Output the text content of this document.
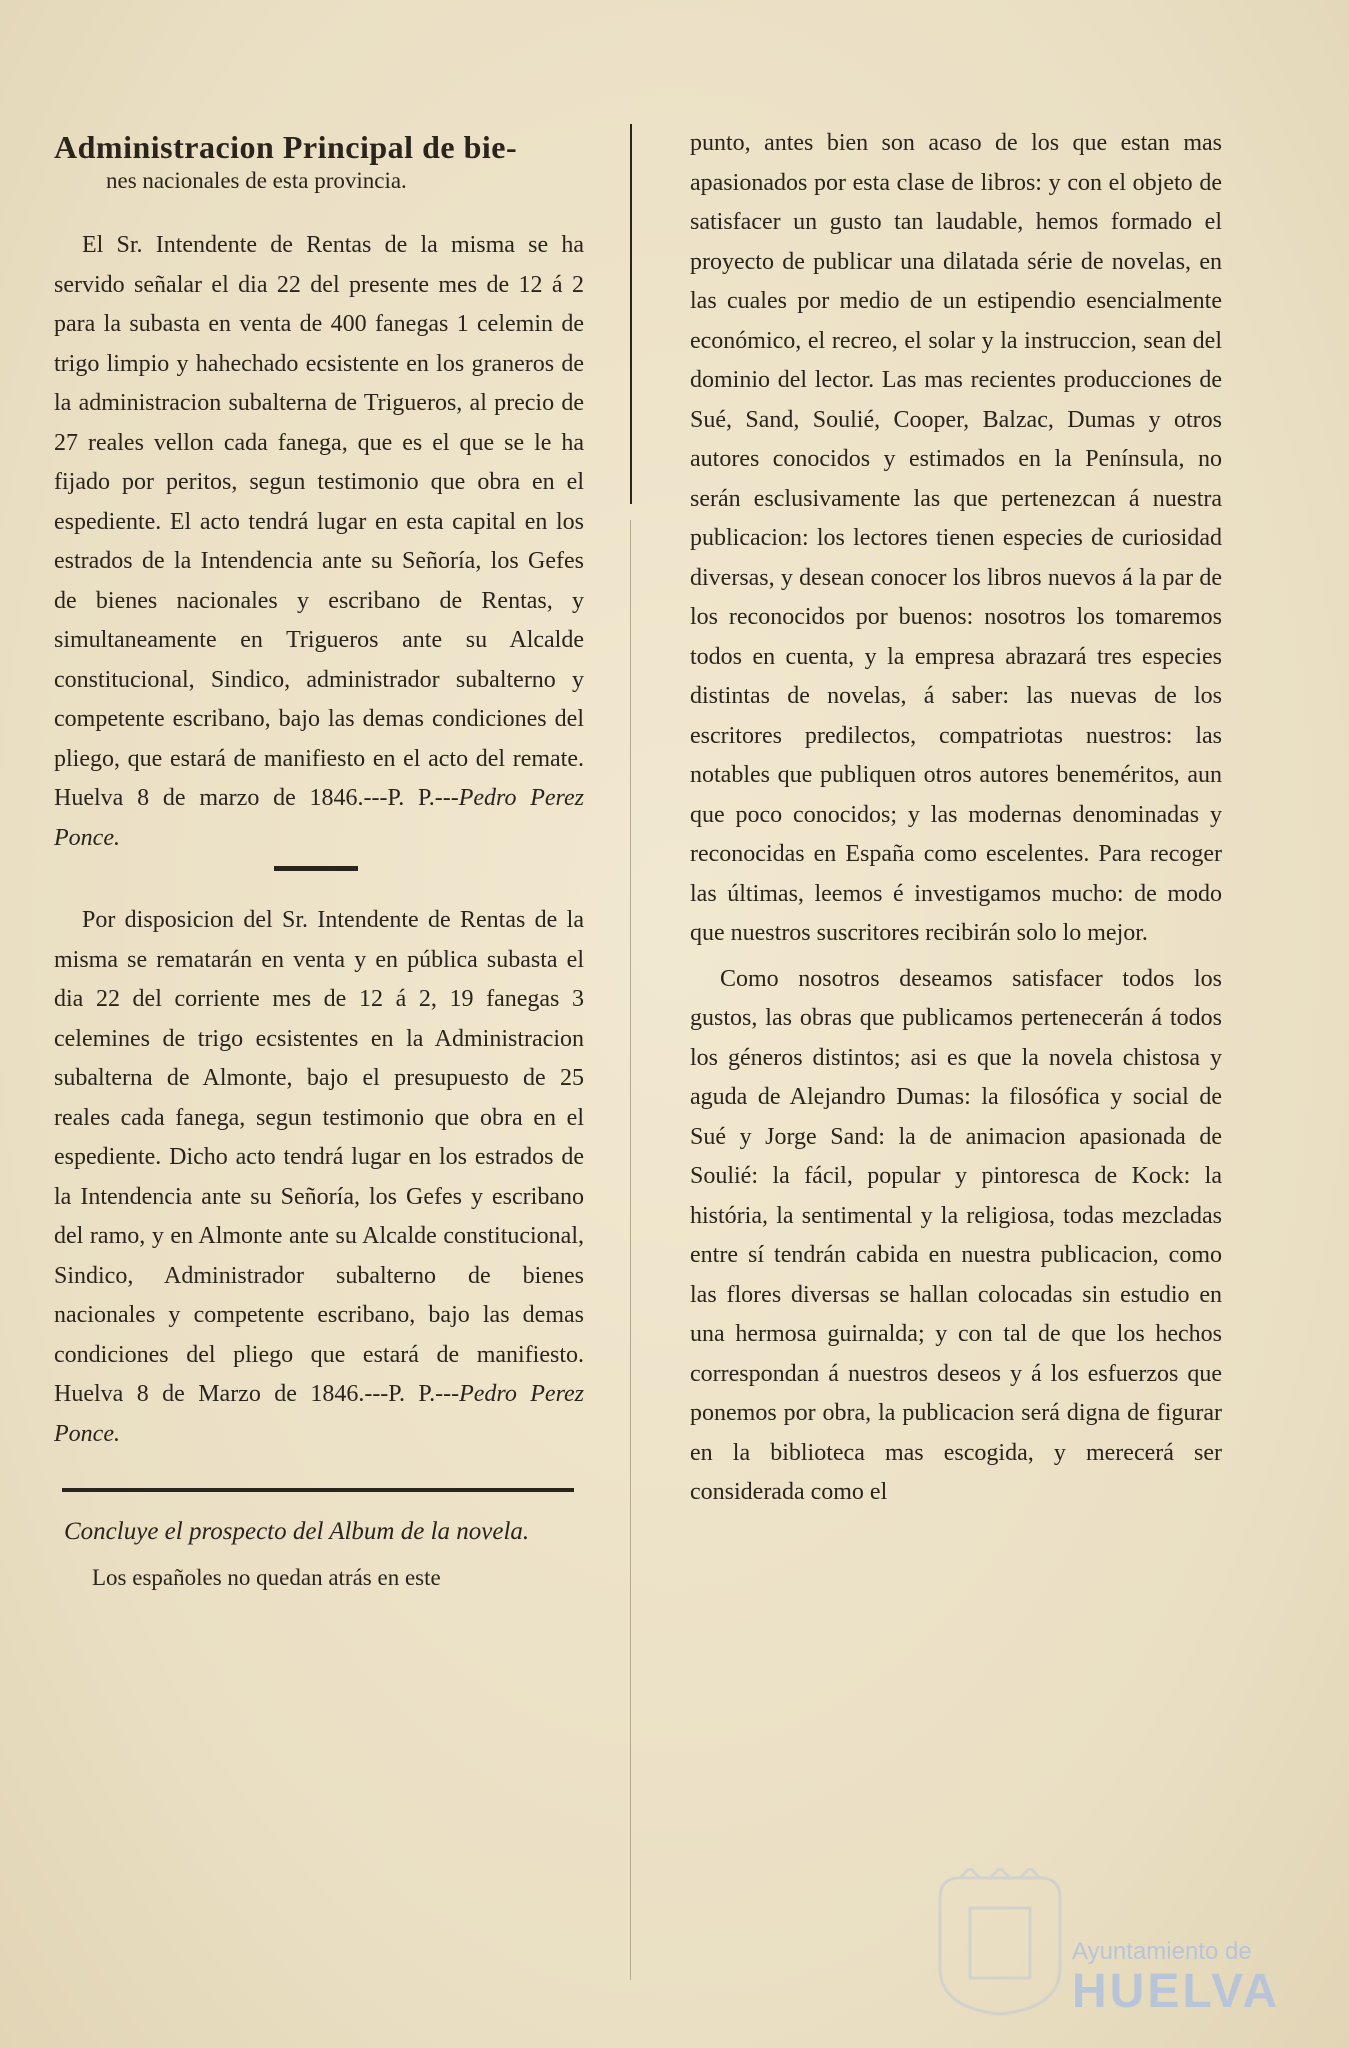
Administracion Principal de bie-

nes nacionales de esta provincia.

El Sr. Intendente de Rentas de la misma se ha servido señalar el dia 22 del presente mes de 12 á 2 para la subasta en venta de 400 fanegas 1 celemin de trigo limpio y hahechado ecsistente en los graneros de la administracion subalterna de Trigueros, al precio de 27 reales vellon cada fanega, que es el que se le ha fijado por peritos, segun testimonio que obra en el espediente. El acto tendrá lugar en esta capital en los estrados de la Intendencia ante su Señoría, los Gefes de bienes nacionales y escribano de Rentas, y simultaneamente en Trigueros ante su Alcalde constitucional, Sindico, administrador subalterno y competente escribano, bajo las demas condiciones del pliego, que estará de manifiesto en el acto del remate. Huelva 8 de marzo de 1846.---P. P.---Pedro Perez Ponce.

Por disposicion del Sr. Intendente de Rentas de la misma se rematarán en venta y en pública subasta el dia 22 del corriente mes de 12 á 2, 19 fanegas 3 celemines de trigo ecsistentes en la Administracion subalterna de Almonte, bajo el presupuesto de 25 reales cada fanega, segun testimonio que obra en el espediente. Dicho acto tendrá lugar en los estrados de la Intendencia ante su Señoría, los Gefes y escribano del ramo, y en Almonte ante su Alcalde constitucional, Sindico, Administrador subalterno de bienes nacionales y competente escribano, bajo las demas condiciones del pliego que estará de manifiesto. Huelva 8 de Marzo de 1846.---P. P.---Pedro Perez Ponce.

Concluye el prospecto del Album de la novela.

Los españoles no quedan atrás en este

punto, antes bien son acaso de los que estan mas apasionados por esta clase de libros: y con el objeto de satisfacer un gusto tan laudable, hemos formado el proyecto de publicar una dilatada série de novelas, en las cuales por medio de un estipendio esencialmente económico, el recreo, el solar y la instruccion, sean del dominio del lector. Las mas recientes producciones de Sué, Sand, Soulié, Cooper, Balzac, Dumas y otros autores conocidos y estimados en la Península, no serán esclusivamente las que pertenezcan á nuestra publicacion: los lectores tienen especies de curiosidad diversas, y desean conocer los libros nuevos á la par de los reconocidos por buenos: nosotros los tomaremos todos en cuenta, y la empresa abrazará tres especies distintas de novelas, á saber: las nuevas de los escritores predilectos, compatriotas nuestros: las notables que publiquen otros autores beneméritos, aun que poco conocidos; y las modernas denominadas y reconocidas en España como escelentes. Para recoger las últimas, leemos é investigamos mucho: de modo que nuestros suscritores recibirán solo lo mejor.

Como nosotros deseamos satisfacer todos los gustos, las obras que publicamos pertenecerán á todos los géneros distintos; asi es que la novela chistosa y aguda de Alejandro Dumas: la filosófica y social de Sué y Jorge Sand: la de animacion apasionada de Soulié: la fácil, popular y pintoresca de Kock: la história, la sentimental y la religiosa, todas mezcladas entre sí tendrán cabida en nuestra publicacion, como las flores diversas se hallan colocadas sin estudio en una hermosa guirnalda; y con tal de que los hechos correspondan á nuestros deseos y á los esfuerzos que ponemos por obra, la publicacion será digna de figurar en la biblioteca mas escogida, y merecerá ser considerada como el

Ayuntamiento de
HUELVA
